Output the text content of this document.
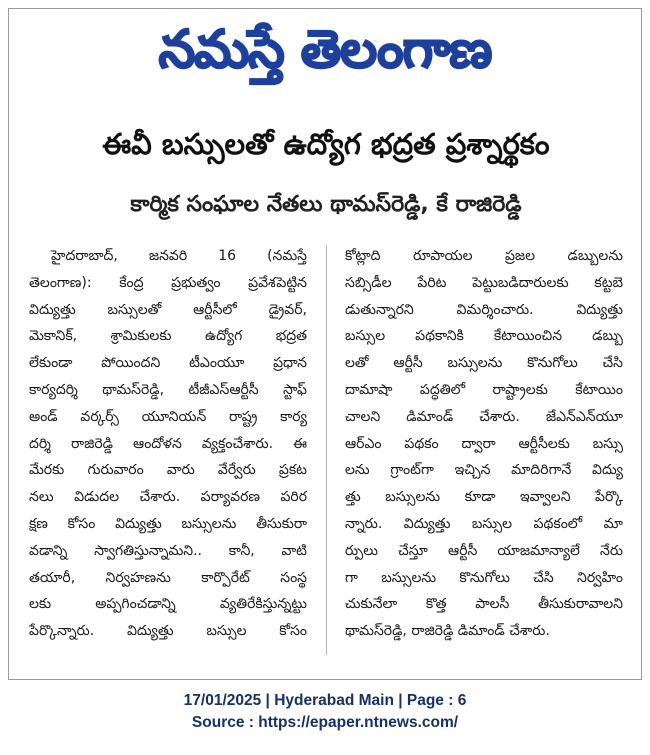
నమస్తే తెలంగాణ
ఈవీ బస్సులతో ఉద్యోగ భద్రత ప్రశ్నార్థకం
కార్మిక సంఘాల నేతలు థామస్‌రెడ్డి, కే రాజిరెడ్డి
హైదరాబాద్, జనవరి 16 (నమస్తే
తెలంగాణ): కేంద్ర ప్రభుత్వం ప్రవేశపెట్టిన
విద్యుత్తు బస్సులతో ఆర్టీసీలో డ్రైవర్,
మెకానిక్, శ్రామికులకు ఉద్యోగ భద్రత
లేకుండా పోయిందని టీఎంయూ ప్రధాన
కార్యదర్శి థామస్‌రెడ్డి, టీజీఎస్‌ఆర్టీసీ స్టాఫ్
అండ్ వర్కర్స్ యూనియన్ రాష్ట్ర కార్య
దర్శి రాజిరెడ్డి ఆందోళన వ్యక్తంచేశారు. ఈ
మేరకు గురువారం వారు వేర్వేరు ప్రకట
నలు విడుదల చేశారు. పర్యావరణ పరిర
క్షణ కోసం విద్యుత్తు బస్సులను తీసుకురా
వడాన్ని స్వాగతిస్తున్నామని.. కానీ, వాటి
తయారీ, నిర్వహణను కార్పొరేట్ సంస్థ
లకు అప్పగించడాన్ని వ్యతిరేకిస్తున్నట్టు
పేర్కొన్నారు. విద్యుత్తు బస్సుల కోసం
కోట్లాది రూపాయల ప్రజల డబ్బులను
సబ్సిడీల పేరిట పెట్టుబడిదారులకు కట్టబె
డుతున్నారని విమర్శించారు. విద్యుత్తు
బస్సుల పథకానికి కేటాయించిన డబ్బు
లతో ఆర్టీసీ బస్సులను కొనుగోలు చేసి
దామాషా పద్ధతిలో రాష్ట్రాలకు కేటాయిం
చాలని డిమాండ్ చేశారు. జేఎన్‌ఎన్‌యూ
ఆర్ఎం పథకం ద్వారా ఆర్టీసీలకు బస్సు
లను గ్రాంట్‌గా ఇచ్చిన మాదిరిగానే విద్యు
త్తు బస్సులను కూడా ఇవ్వాలని పేర్కొ
న్నారు. విద్యుత్తు బస్సుల పథకంలో మా
ర్పులు చేస్తూ ఆర్టీసీ యాజమాన్యాలే నేరు
గా బస్సులను కొనుగోలు చేసి నిర్వహిం
చుకునేలా కొత్త పాలసీ తీసుకురావాలని
థామస్‌రెడ్డి, రాజిరెడ్డి డిమాండ్ చేశారు.
17/01/2025 | Hyderabad Main | Page : 6
Source : https://epaper.ntnews.com/
